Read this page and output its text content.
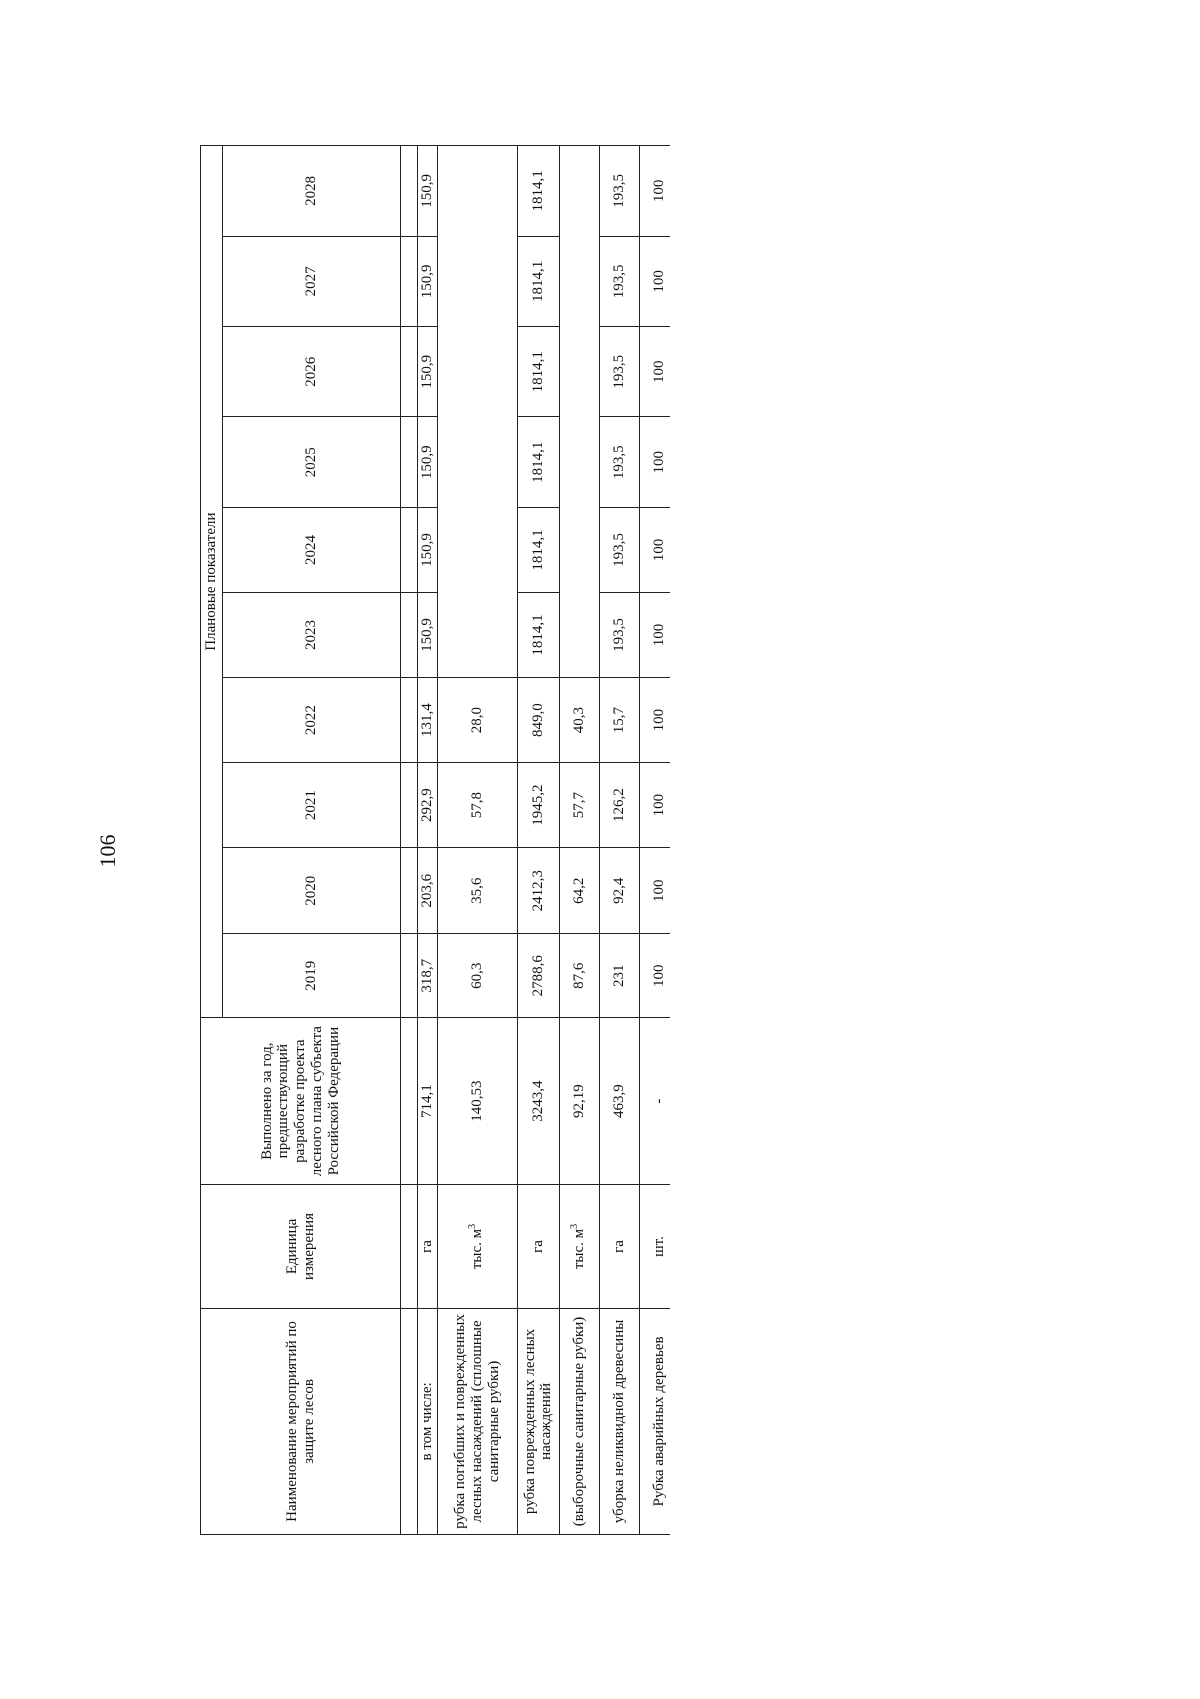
106
Наименование мероприятий по защите лесов	Единица измерения	Выполнено за год, предшествующий разработке проекта лесного плана субъекта Российской Федерации	Плановые показатели									
			2019	2020	2021	2022	2023	2024	2025	2026	2027	2028

в том числе:	га	714,1	318,7	203,6	292,9	131,4	150,9	150,9	150,9	150,9	150,9	150,9
рубка погибших и поврежденных лесных насаждений (сплошные санитарные рубки)	тыс. $м^3$	140,53	60,3	35,6	57,8	28,0						
рубка поврежденных лесных насаждений	га	3243,4	2788,6	2412,3	1945,2	849,0	1814,1	1814,1	1814,1	1814,1	1814,1	1814,1
(выборочные санитарные рубки)	тыс. $м^3$	92,19	87,6	64,2	57,7	40,3						
уборка неликвидной древесины	га	463,9	231	92,4	126,2	15,7	193,5	193,5	193,5	193,5	193,5	193,5
Рубка аварийных деревьев	шт.	-	100	100	100	100	100	100	100	100	100	100
